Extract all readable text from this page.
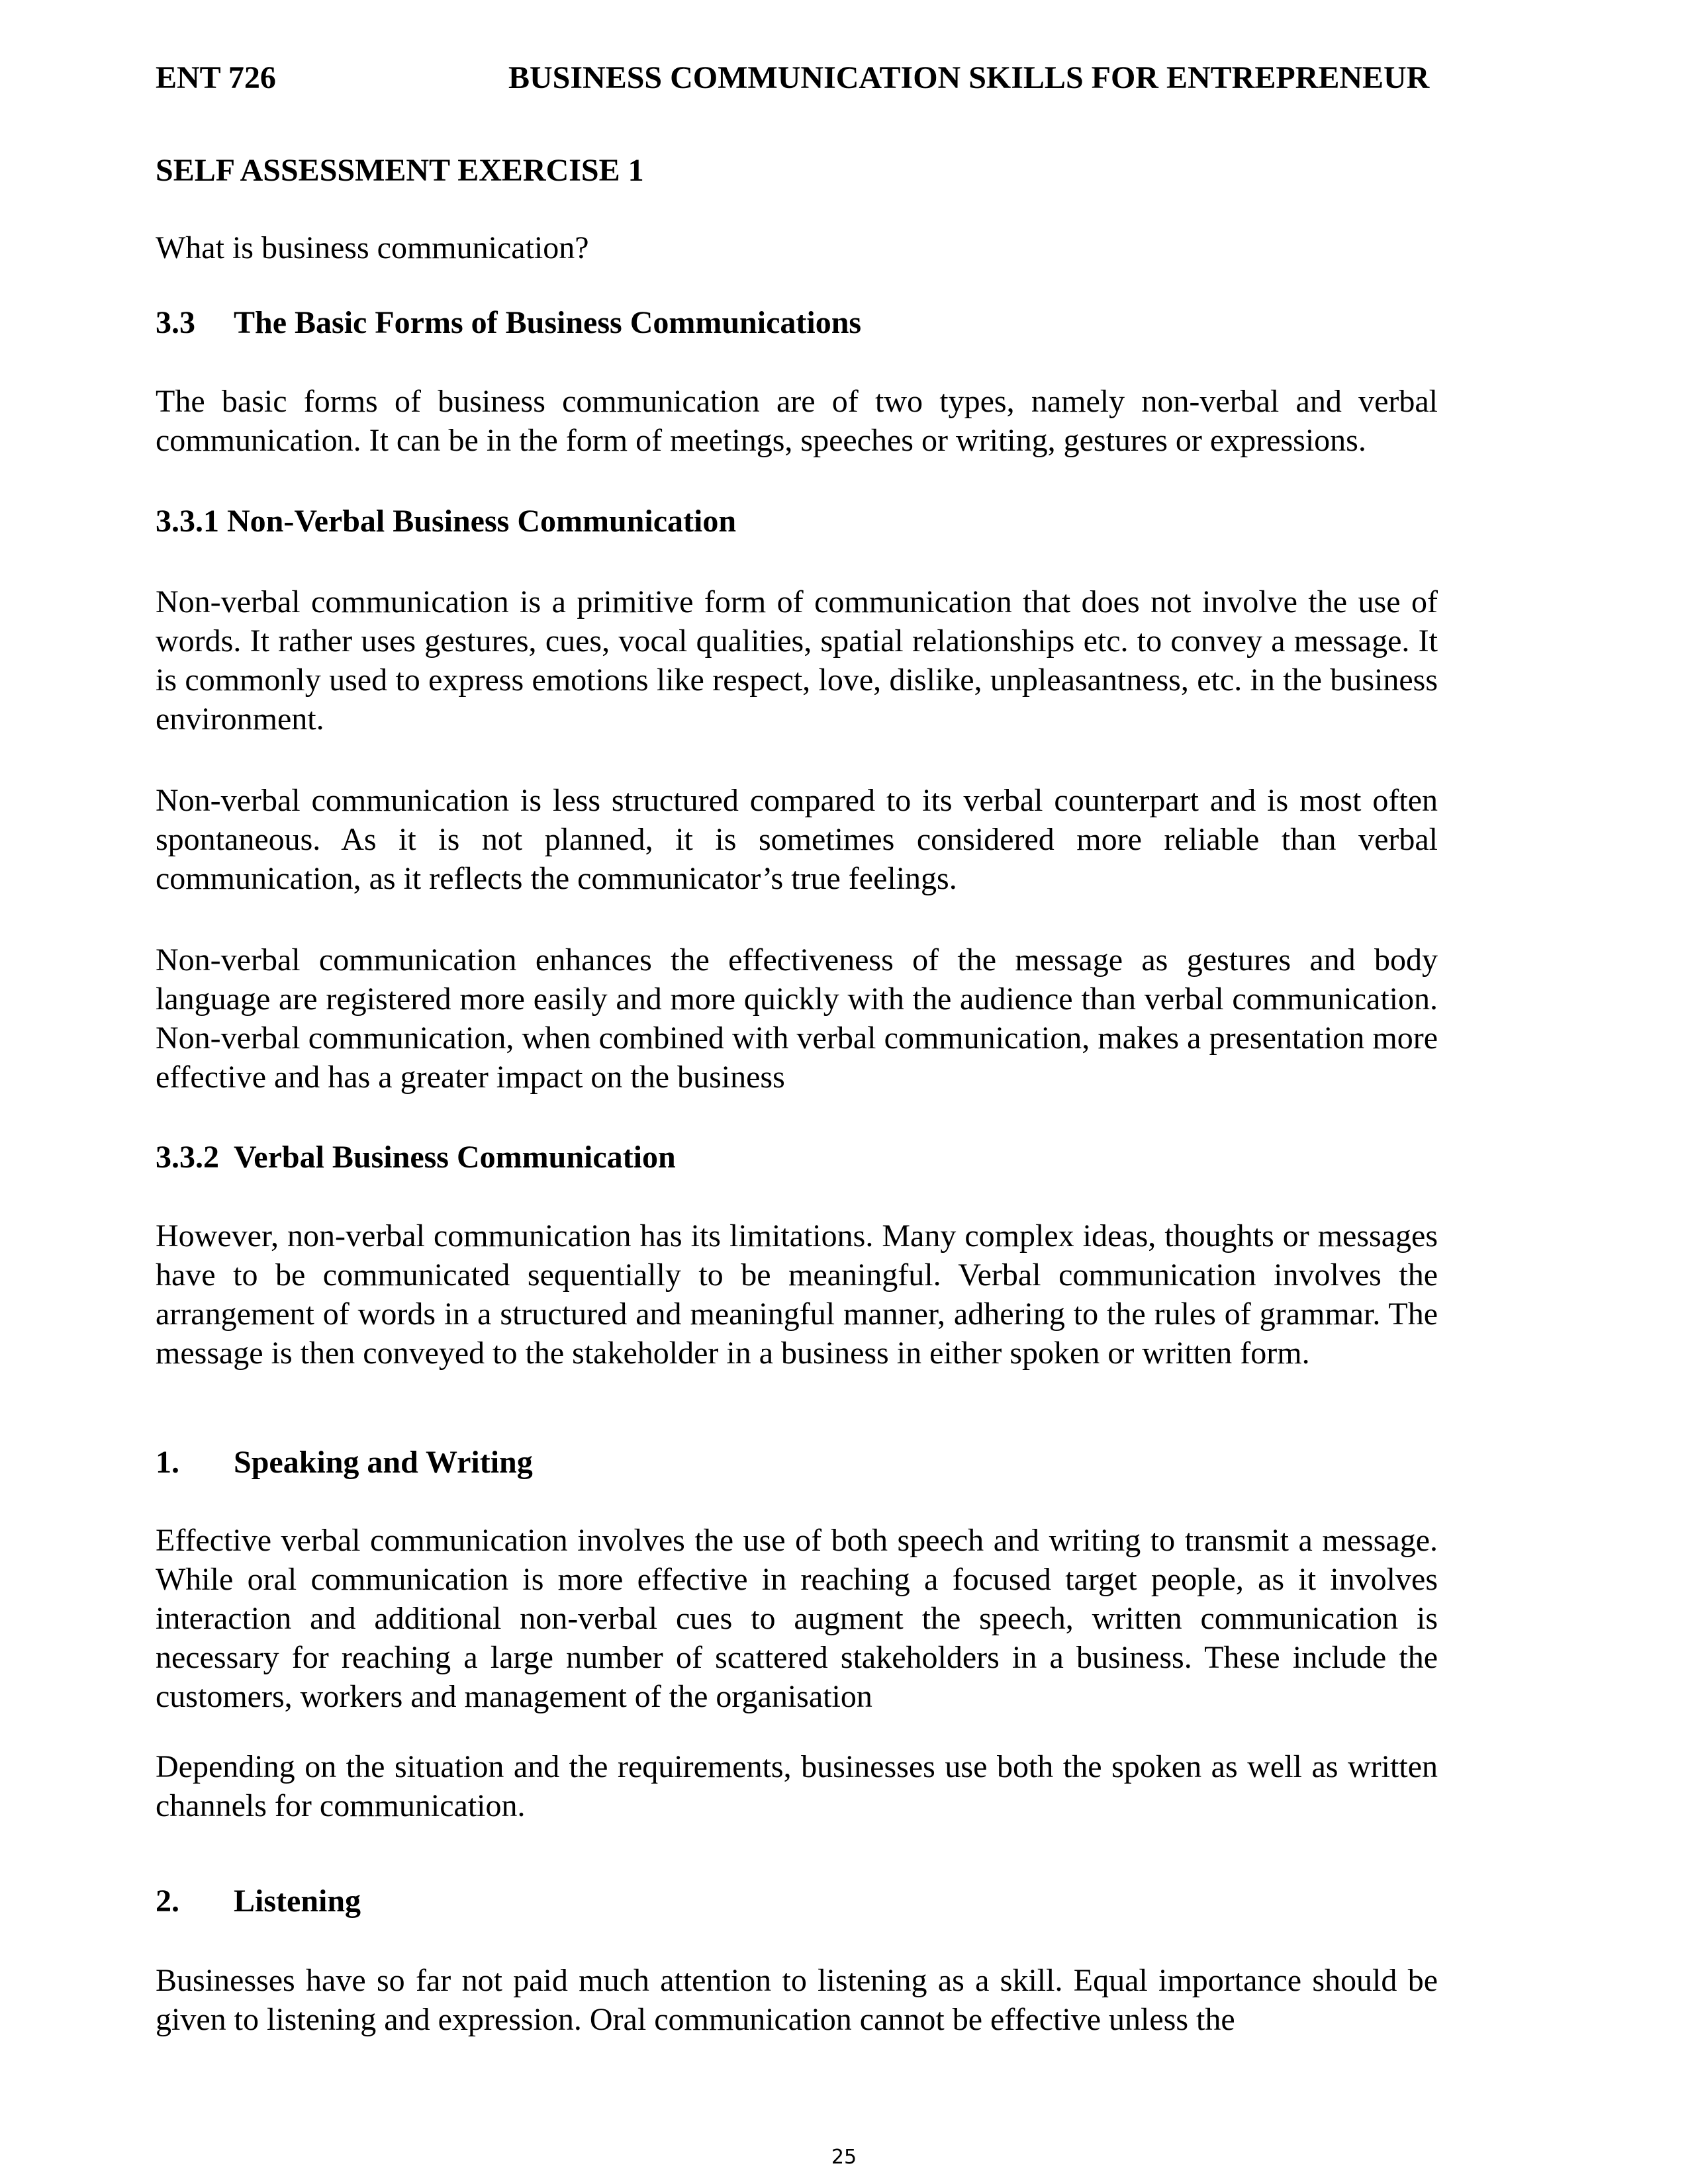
ENT 726	BUSINESS COMMUNICATION SKILLS FOR ENTREPRENEUR
SELF ASSESSMENT EXERCISE 1
What is business communication?
3.3 The Basic Forms of Business Communications
The basic forms of business communication are of two types, namely non-verbal and verbal communication. It can be in the form of meetings, speeches or writing, gestures or expressions.
3.3.1 Non-Verbal Business Communication
Non-verbal communication is a primitive form of communication that does not involve the use of words. It rather uses gestures, cues, vocal qualities, spatial relationships etc. to convey a message. It is commonly used to express emotions like respect, love, dislike, unpleasantness, etc. in the business environment.
Non-verbal communication is less structured compared to its verbal counterpart and is most often spontaneous. As it is not planned, it is sometimes considered more reliable than verbal communication, as it reflects the communicator’s true feelings.
Non-verbal communication enhances the effectiveness of the message as gestures and body language are registered more easily and more quickly with the audience than verbal communication. Non-verbal communication, when combined with verbal communication, makes a presentation more effective and has a greater impact on the business
3.3.2 Verbal Business Communication
However, non-verbal communication has its limitations. Many complex ideas, thoughts or messages have to be communicated sequentially to be meaningful. Verbal communication involves the arrangement of words in a structured and meaningful manner, adhering to the rules of grammar. The message is then conveyed to the stakeholder in a business in either spoken or written form.
1. Speaking and Writing
Effective verbal communication involves the use of both speech and writing to transmit a message. While oral communication is more effective in reaching a focused target people, as it involves interaction and additional non-verbal cues to augment the speech, written communication is necessary for reaching a large number of scattered stakeholders in a business. These include the customers, workers and management of the organisation
Depending on the situation and the requirements, businesses use both the spoken as well as written channels for communication.
2. Listening
Businesses have so far not paid much attention to listening as a skill. Equal importance should be given to listening and expression. Oral communication cannot be effective unless the
25
